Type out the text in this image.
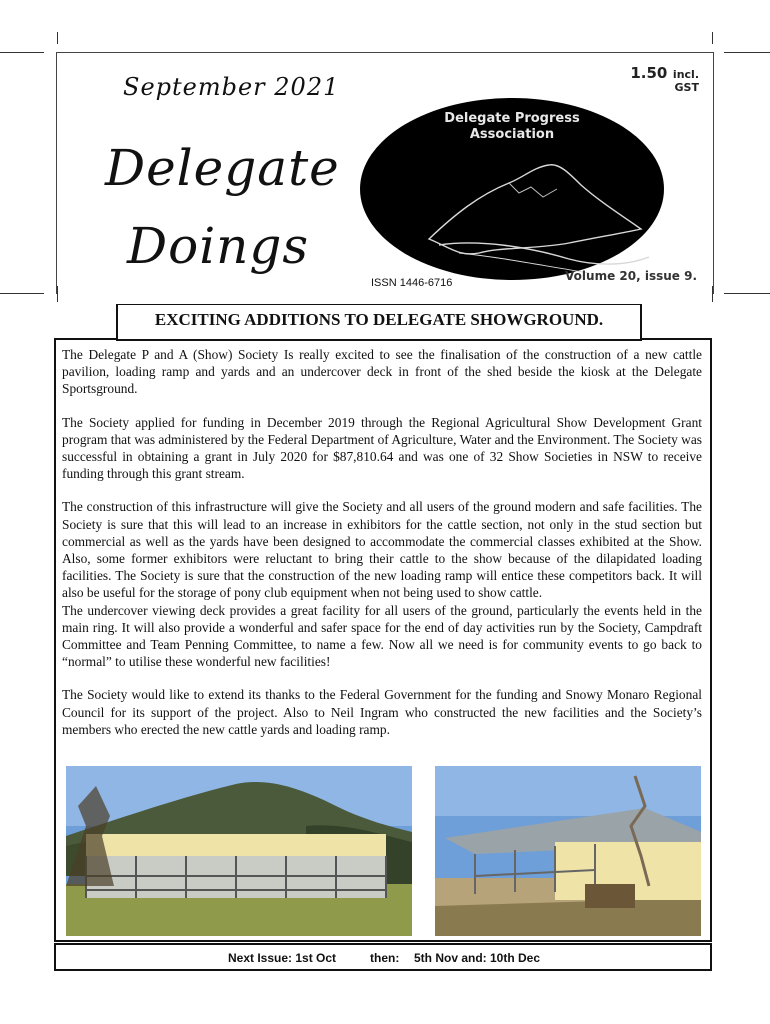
September 2021
Delegate
Doings
1.50 incl.
GST
Delegate Progress
Association
ISSN 1446-6716	Volume 20, issue 9.
EXCITING ADDITIONS TO DELEGATE SHOWGROUND.

The Delegate P and A (Show) Society Is really excited to see the finalisation of the construction of a new cattle pavilion, loading ramp and yards and an undercover deck in front of the shed beside the kiosk at the Delegate Sportsground.

The Society applied for funding in December 2019 through the Regional Agricultural Show Development Grant program that was administered by the Federal Department of Agriculture, Water and the Environment. The Society was successful in obtaining a grant in July 2020 for $87,810.64 and was one of 32 Show Societies in NSW to receive funding through this grant stream.

The construction of this infrastructure will give the Society and all users of the ground modern and safe facilities. The Society is sure that this will lead to an increase in exhibitors for the cattle section, not only in the stud section but commercial as well as the yards have been designed to accommodate the commercial classes exhibited at the Show. Also, some former exhibitors were reluctant to bring their cattle to the show because of the dilapidated loading facilities. The Society is sure that the construction of the new loading ramp will entice these competitors back. It will also be useful for the storage of pony club equipment when not being used to show cattle.

The undercover viewing deck provides a great facility for all users of the ground, particularly the events held in the main ring. It will also provide a wonderful and safer space for the end of day activities run by the Society, Campdraft Committee and Team Penning Committee, to name a few. Now all we need is for community events to go back to “normal” to utilise these wonderful new facilities!

The Society would like to extend its thanks to the Federal Government for the funding and Snowy Monaro Regional Council for its support of the project. Also to Neil Ingram who constructed the new facilities and the Society’s members who erected the new cattle yards and loading ramp.

Next Issue: 1st Oct	then: 5th Nov and: 10th Dec
